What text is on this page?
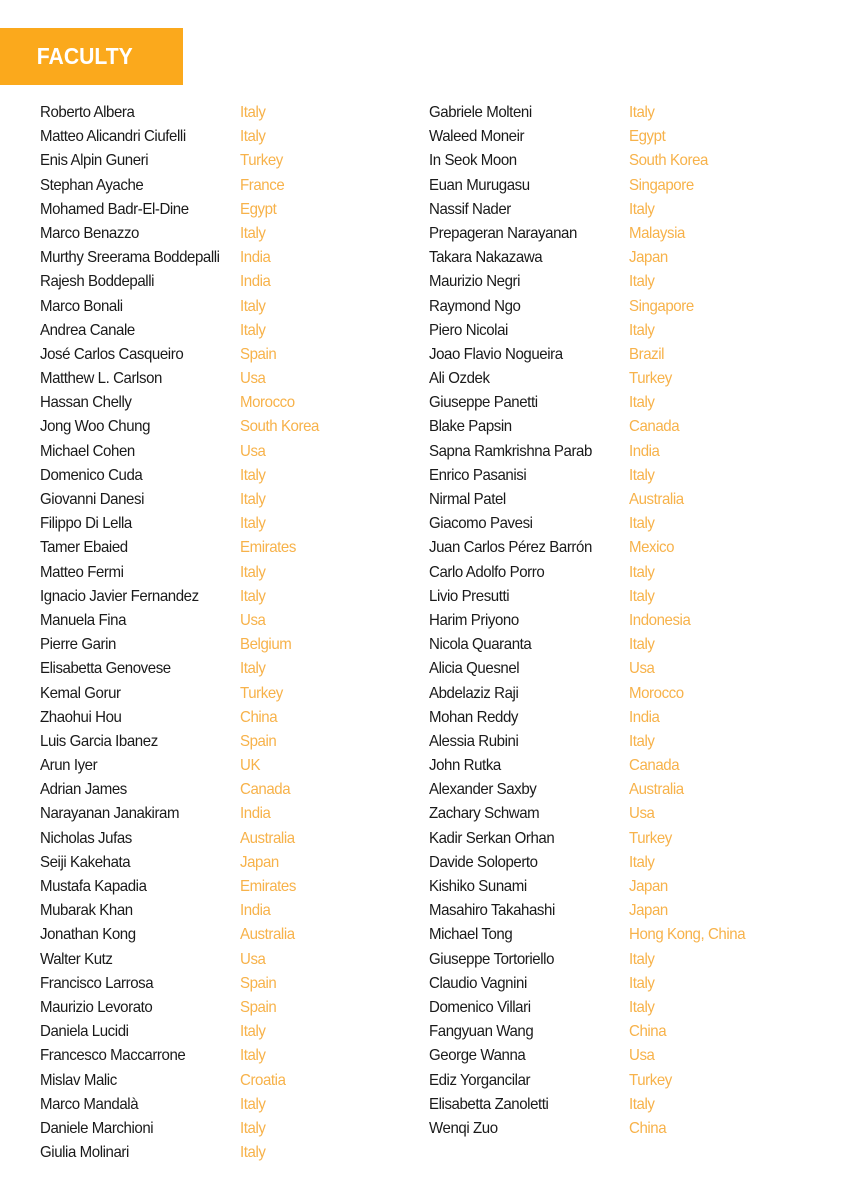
FACULTY
Roberto Albera	Italy
Matteo Alicandri Ciufelli	Italy
Enis Alpin Guneri	Turkey
Stephan Ayache	France
Mohamed Badr-El-Dine	Egypt
Marco Benazzo	Italy
Murthy Sreerama Boddepalli India
Rajesh Boddepalli	India
Marco Bonali	Italy
Andrea Canale	Italy
José Carlos Casqueiro	Spain
Matthew L. Carlson	Usa
Hassan Chelly	Morocco
Jong Woo Chung	South Korea
Michael Cohen	Usa
Domenico Cuda	Italy
Giovanni Danesi	Italy
Filippo Di Lella	Italy
Tamer Ebaied	Emirates
Matteo Fermi	Italy
Ignacio Javier Fernandez	Italy
Manuela Fina	Usa
Pierre Garin	Belgium
Elisabetta Genovese	Italy
Kemal Gorur	Turkey
Zhaohui Hou	China
Luis Garcia Ibanez	Spain
Arun Iyer	UK
Adrian James	Canada
Narayanan Janakiram	India
Nicholas Jufas	Australia
Seiji Kakehata	Japan
Mustafa Kapadia	Emirates
Mubarak Khan	India
Jonathan Kong	Australia
Walter Kutz	Usa
Francisco Larrosa	Spain
Maurizio Levorato	Spain
Daniela Lucidi	Italy
Francesco Maccarrone	Italy
Mislav Malic	Croatia
Marco Mandalà	Italy
Daniele Marchioni	Italy
Giulia Molinari	Italy
Gabriele Molteni	Italy
Waleed Moneir	Egypt
In Seok Moon	South Korea
Euan Murugasu	Singapore
Nassif Nader	Italy
Prepageran Narayanan	Malaysia
Takara Nakazawa	Japan
Maurizio Negri	Italy
Raymond Ngo	Singapore
Piero Nicolai	Italy
Joao Flavio Nogueira	Brazil
Ali Ozdek	Turkey
Giuseppe Panetti	Italy
Blake Papsin	Canada
Sapna Ramkrishna Parab India
Enrico Pasanisi	Italy
Nirmal Patel	Australia
Giacomo Pavesi	Italy
Juan Carlos Pérez Barrón Mexico
Carlo Adolfo Porro	Italy
Livio Presutti	Italy
Harim Priyono	Indonesia
Nicola Quaranta	Italy
Alicia Quesnel	Usa
Abdelaziz Raji	Morocco
Mohan Reddy	India
Alessia Rubini	Italy
John Rutka	Canada
Alexander Saxby	Australia
Zachary Schwam	Usa
Kadir Serkan Orhan	Turkey
Davide Soloperto	Italy
Kishiko Sunami	Japan
Masahiro Takahashi	Japan
Michael Tong	Hong Kong, China
Giuseppe Tortoriello	Italy
Claudio Vagnini	Italy
Domenico Villari	Italy
Fangyuan Wang	China
George Wanna	Usa
Ediz Yorgancilar	Turkey
Elisabetta Zanoletti	Italy
Wenqi Zuo	China
